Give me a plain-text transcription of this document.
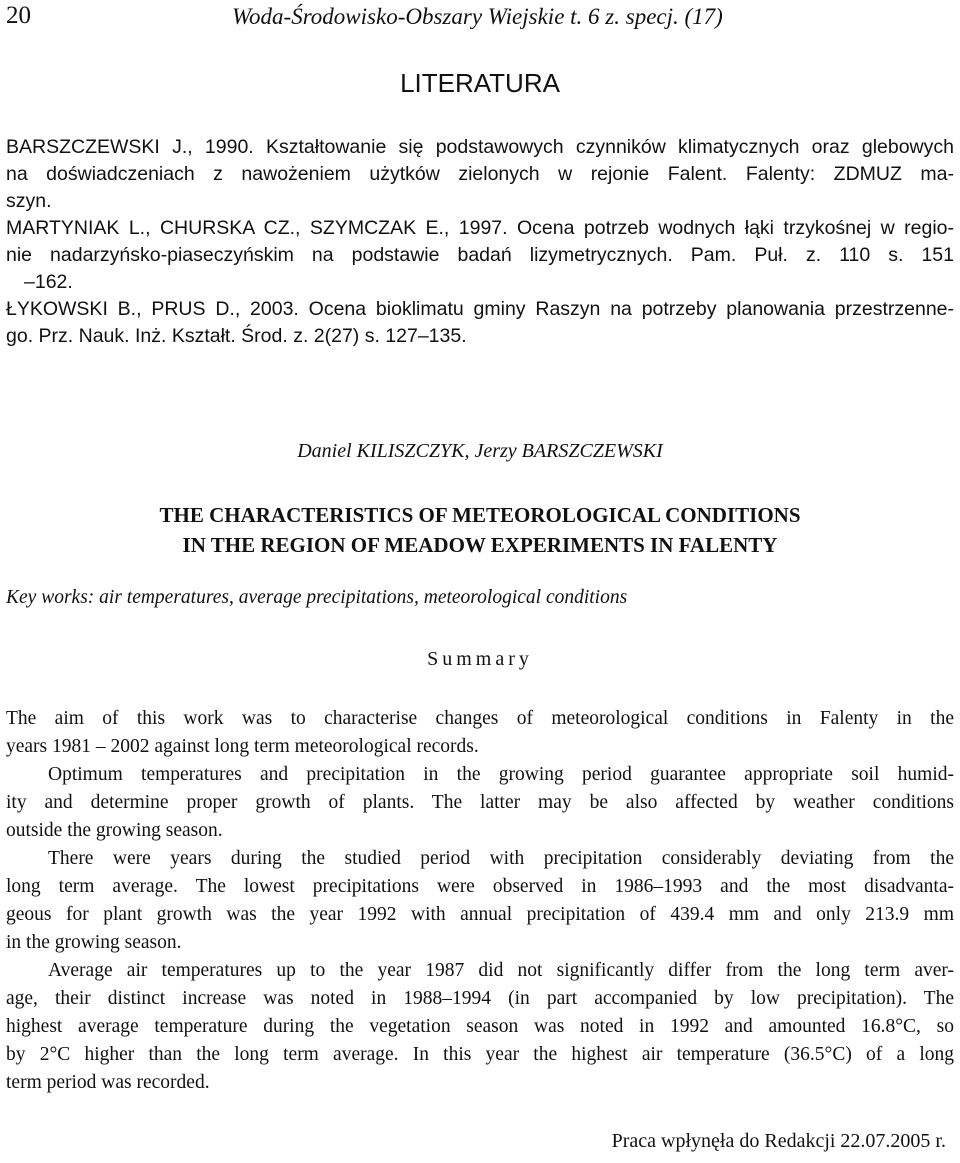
20	Woda-Środowisko-Obszary Wiejskie t. 6 z. specj. (17)
LITERATURA
BARSZCZEWSKI J., 1990. Kształtowanie się podstawowych czynników klimatycznych oraz glebowych
na doświadczeniach z nawożeniem użytków zielonych w rejonie Falent. Falenty: ZDMUZ ma-
szyn.
MARTYNIAK L., CHURSKA CZ., SZYMCZAK E., 1997. Ocena potrzeb wodnych łąki trzykośnej w regio-
nie nadarzyńsko-piaseczyńskim na podstawie badań lizymetrycznych. Pam. Puł. z. 110 s. 151
–162.
ŁYKOWSKI B., PRUS D., 2003. Ocena bioklimatu gminy Raszyn na potrzeby planowania przestrzenne-
go. Prz. Nauk. Inż. Kształt. Środ. z. 2(27) s. 127–135.
Daniel KILISZCZYK, Jerzy BARSZCZEWSKI
THE CHARACTERISTICS OF METEOROLOGICAL CONDITIONS
IN THE REGION OF MEADOW EXPERIMENTS IN FALENTY
Key works: air temperatures, average precipitations, meteorological conditions
Summary
The aim of this work was to characterise changes of meteorological conditions in Falenty in the
years 1981 – 2002 against long term meteorological records.
Optimum temperatures and precipitation in the growing period guarantee appropriate soil humid-
ity and determine proper growth of plants. The latter may be also affected by weather conditions
outside the growing season.
There were years during the studied period with precipitation considerably deviating from the
long term average. The lowest precipitations were observed in 1986–1993 and the most disadvanta-
geous for plant growth was the year 1992 with annual precipitation of 439.4 mm and only 213.9 mm
in the growing season.
Average air temperatures up to the year 1987 did not significantly differ from the long term aver-
age, their distinct increase was noted in 1988–1994 (in part accompanied by low precipitation). The
highest average temperature during the vegetation season was noted in 1992 and amounted 16.8°C, so
by 2°C higher than the long term average. In this year the highest air temperature (36.5°C) of a long
term period was recorded.
Praca wpłynęła do Redakcji 22.07.2005 r.
